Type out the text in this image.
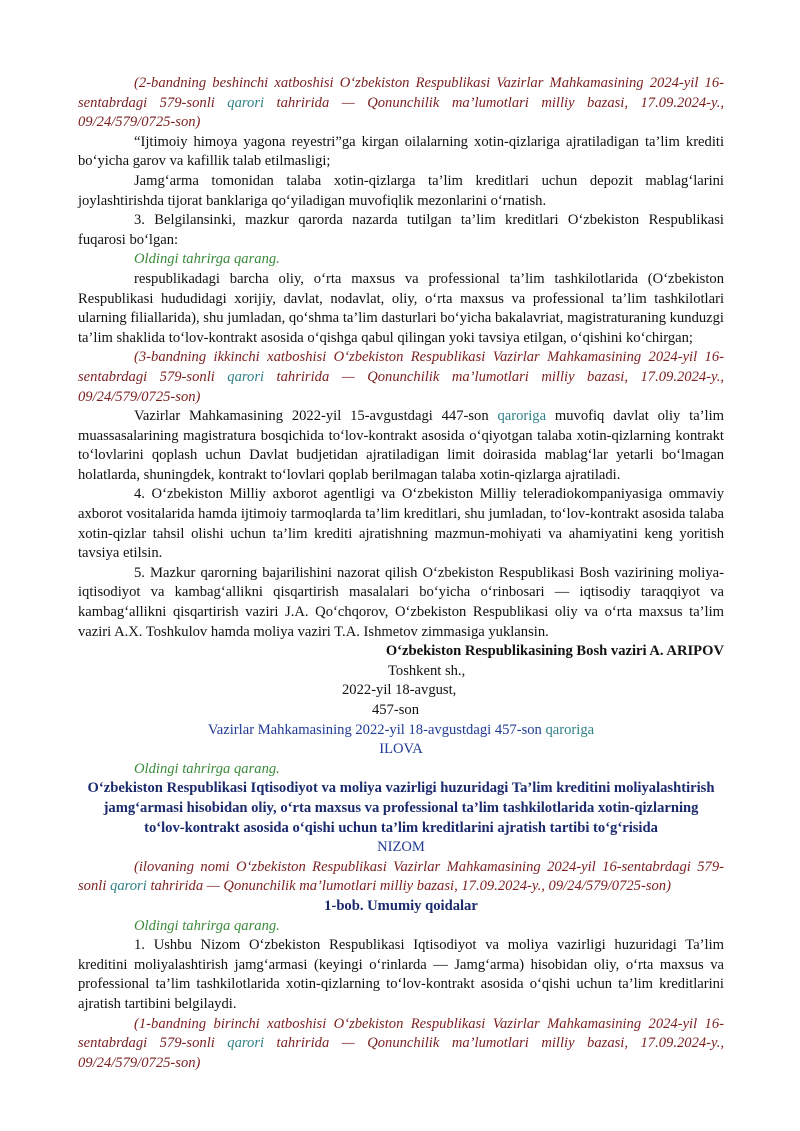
(2-bandning beshinchi xatboshisi O‘zbekiston Respublikasi Vazirlar Mahkamasining 2024-yil 16-sentabrdagi 579-sonli qarori tahririda — Qonunchilik ma’lumotlari milliy bazasi, 17.09.2024-y., 09/24/579/0725-son)

“Ijtimoiy himoya yagona reyestri”ga kirgan oilalarning xotin-qizlariga ajratiladigan ta’lim krediti bo‘yicha garov va kafillik talab etilmasligi;

Jamg‘arma tomonidan talaba xotin-qizlarga ta’lim kreditlari uchun depozit mablag‘larini joylashtirishda tijorat banklariga qo‘yiladigan muvofiqlik mezonlarini o‘rnatish.

3. Belgilansinki, mazkur qarorda nazarda tutilgan ta’lim kreditlari O‘zbekiston Respublikasi fuqarosi bo‘lgan:

Oldingi tahrirga qarang.

respublikadagi barcha oliy, o‘rta maxsus va professional ta’lim tashkilotlarida (O‘zbekiston Respublikasi hududidagi xorijiy, davlat, nodavlat, oliy, o‘rta maxsus va professional ta’lim tashkilotlari ularning filiallarida), shu jumladan, qo‘shma ta’lim dasturlari bo‘yicha bakalavriat, magistraturaning kunduzgi ta’lim shaklida to‘lov-kontrakt asosida o‘qishga qabul qilingan yoki tavsiya etilgan, o‘qishini ko‘chirgan;

(3-bandning ikkinchi xatboshisi O‘zbekiston Respublikasi Vazirlar Mahkamasining 2024-yil 16-sentabrdagi 579-sonli qarori tahririda — Qonunchilik ma’lumotlari milliy bazasi, 17.09.2024-y., 09/24/579/0725-son)

Vazirlar Mahkamasining 2022-yil 15-avgustdagi 447-son qaroriga muvofiq davlat oliy ta’lim muassasalarining magistratura bosqichida to‘lov-kontrakt asosida o‘qiyotgan talaba xotin-qizlarning kontrakt to‘lovlarini qoplash uchun Davlat budjetidan ajratiladigan limit doirasida mablag‘lar yetarli bo‘lmagan holatlarda, shuningdek, kontrakt to‘lovlari qoplab berilmagan talaba xotin-qizlarga ajratiladi.

4. O‘zbekiston Milliy axborot agentligi va O‘zbekiston Milliy teleradiokompaniyasiga ommaviy axborot vositalarida hamda ijtimoiy tarmoqlarda ta’lim kreditlari, shu jumladan, to‘lov-kontrakt asosida talaba xotin-qizlar tahsil olishi uchun ta’lim krediti ajratishning mazmun-mohiyati va ahamiyatini keng yoritish tavsiya etilsin.

5. Mazkur qarorning bajarilishini nazorat qilish O‘zbekiston Respublikasi Bosh vazirining moliya-iqtisodiyot va kambag‘allikni qisqartirish masalalari bo‘yicha o‘rinbosari — iqtisodiy taraqqiyot va kambag‘allikni qisqartirish vaziri J.A. Qo‘chqorov, O‘zbekiston Respublikasi oliy va o‘rta maxsus ta’lim vaziri A.X. Toshkulov hamda moliya vaziri T.A. Ishmetov zimmasiga yuklansin.

O‘zbekiston Respublikasining Bosh vaziri A. ARIPOV

Toshkent sh.,

2022-yil 18-avgust,

457-son

Vazirlar Mahkamasining 2022-yil 18-avgustdagi 457-son qaroriga

ILOVA

Oldingi tahrirga qarang.

O‘zbekiston Respublikasi Iqtisodiyot va moliya vazirligi huzuridagi Ta’lim kreditini moliyalashtirish jamg‘armasi hisobidan oliy, o‘rta maxsus va professional ta’lim tashkilotlarida xotin-qizlarning to‘lov-kontrakt asosida o‘qishi uchun ta’lim kreditlarini ajratish tartibi to‘g‘risida

NIZOM

(ilovaning nomi O‘zbekiston Respublikasi Vazirlar Mahkamasining 2024-yil 16-sentabrdagi 579-sonli qarori tahririda — Qonunchilik ma’lumotlari milliy bazasi, 17.09.2024-y., 09/24/579/0725-son)

1-bob. Umumiy qoidalar

Oldingi tahrirga qarang.

1. Ushbu Nizom O‘zbekiston Respublikasi Iqtisodiyot va moliya vazirligi huzuridagi Ta’lim kreditini moliyalashtirish jamg‘armasi (keyingi o‘rinlarda — Jamg‘arma) hisobidan oliy, o‘rta maxsus va professional ta’lim tashkilotlarida xotin-qizlarning to‘lov-kontrakt asosida o‘qishi uchun ta’lim kreditlarini ajratish tartibini belgilaydi.

(1-bandning birinchi xatboshisi O‘zbekiston Respublikasi Vazirlar Mahkamasining 2024-yil 16-sentabrdagi 579-sonli qarori tahririda — Qonunchilik ma’lumotlari milliy bazasi, 17.09.2024-y., 09/24/579/0725-son)
